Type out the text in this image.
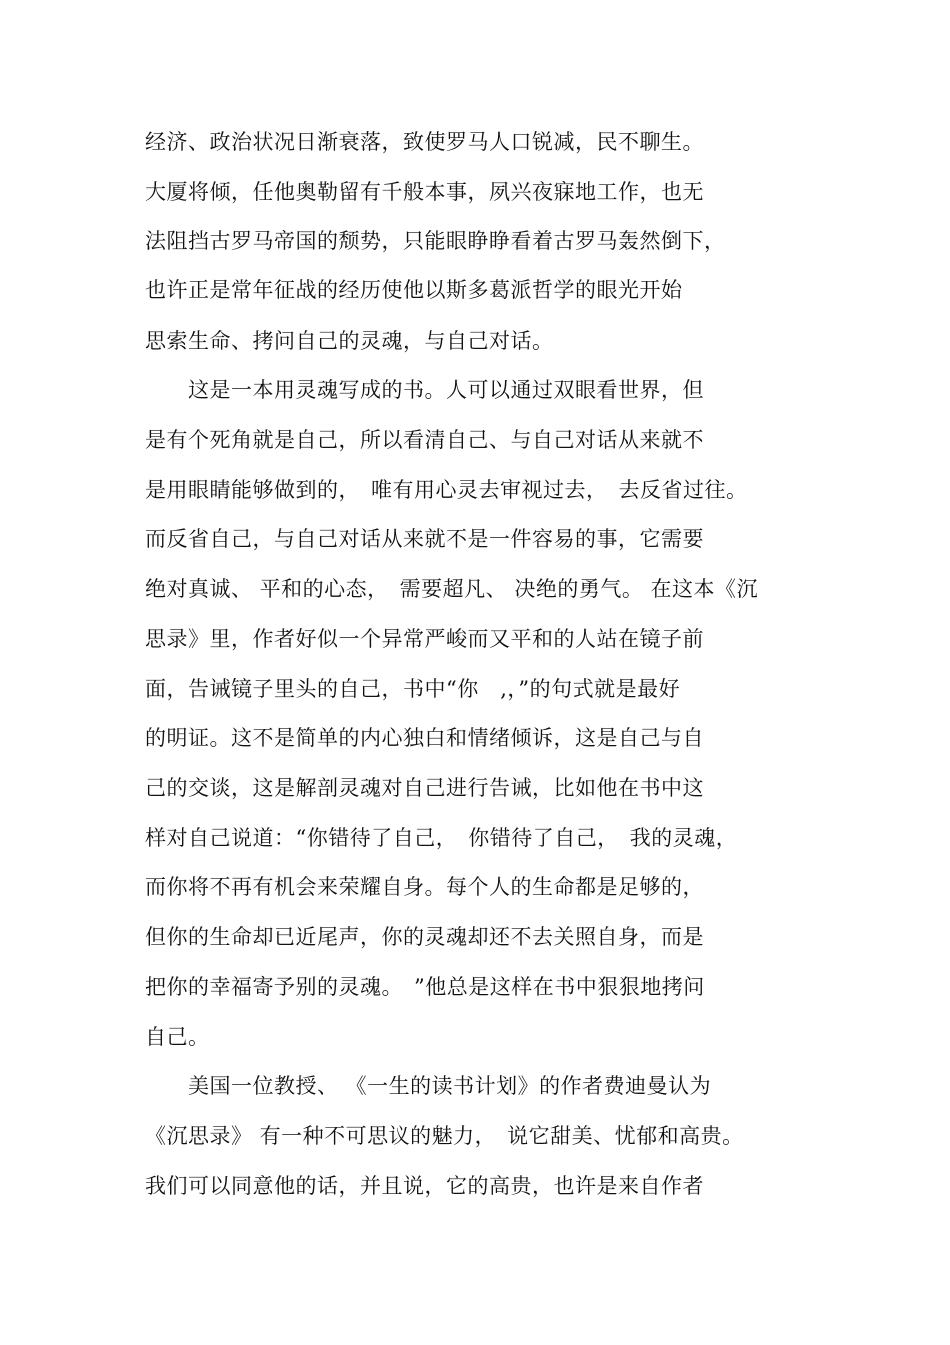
经济、政治状况日渐衰落，致使罗马人口锐减，民不聊生。
大厦将倾，任他奥勒留有千般本事，夙兴夜寐地工作，也无
法阻挡古罗马帝国的颓势，只能眼睁睁看着古罗马轰然倒下，
也许正是常年征战的经历使他以斯多葛派哲学的眼光开始
思索生命、拷问自己的灵魂，与自己对话。
　　这是一本用灵魂写成的书。人可以通过双眼看世界，但
是有个死角就是自己，所以看清自己、与自己对话从来就不
是用眼睛能够做到的，　唯有用心灵去审视过去，　去反省过往。
而反省自己，与自己对话从来就不是一件容易的事，它需要
绝对真诚、 平和的心态，　需要超凡、 决绝的勇气。 在这本《沉
思录》里，作者好似一个异常严峻而又平和的人站在镜子前
面，告诫镜子里头的自己，书中“你　,，”的句式就是最好
的明证。这不是简单的内心独白和情绪倾诉，这是自己与自
己的交谈，这是解剖灵魂对自己进行告诫，比如他在书中这
样对自己说道：“你错待了自己，　你错待了自己，　我的灵魂，
而你将不再有机会来荣耀自身。每个人的生命都是足够的，
但你的生命却已近尾声，你的灵魂却还不去关照自身，而是
把你的幸福寄予别的灵魂。　”他总是这样在书中狠狠地拷问
自己。
　　美国一位教授、 《一生的读书计划》的作者费迪曼认为
《沉思录》 有一种不可思议的魅力，　说它甜美、忧郁和高贵。
我们可以同意他的话，并且说，它的高贵，也许是来自作者
